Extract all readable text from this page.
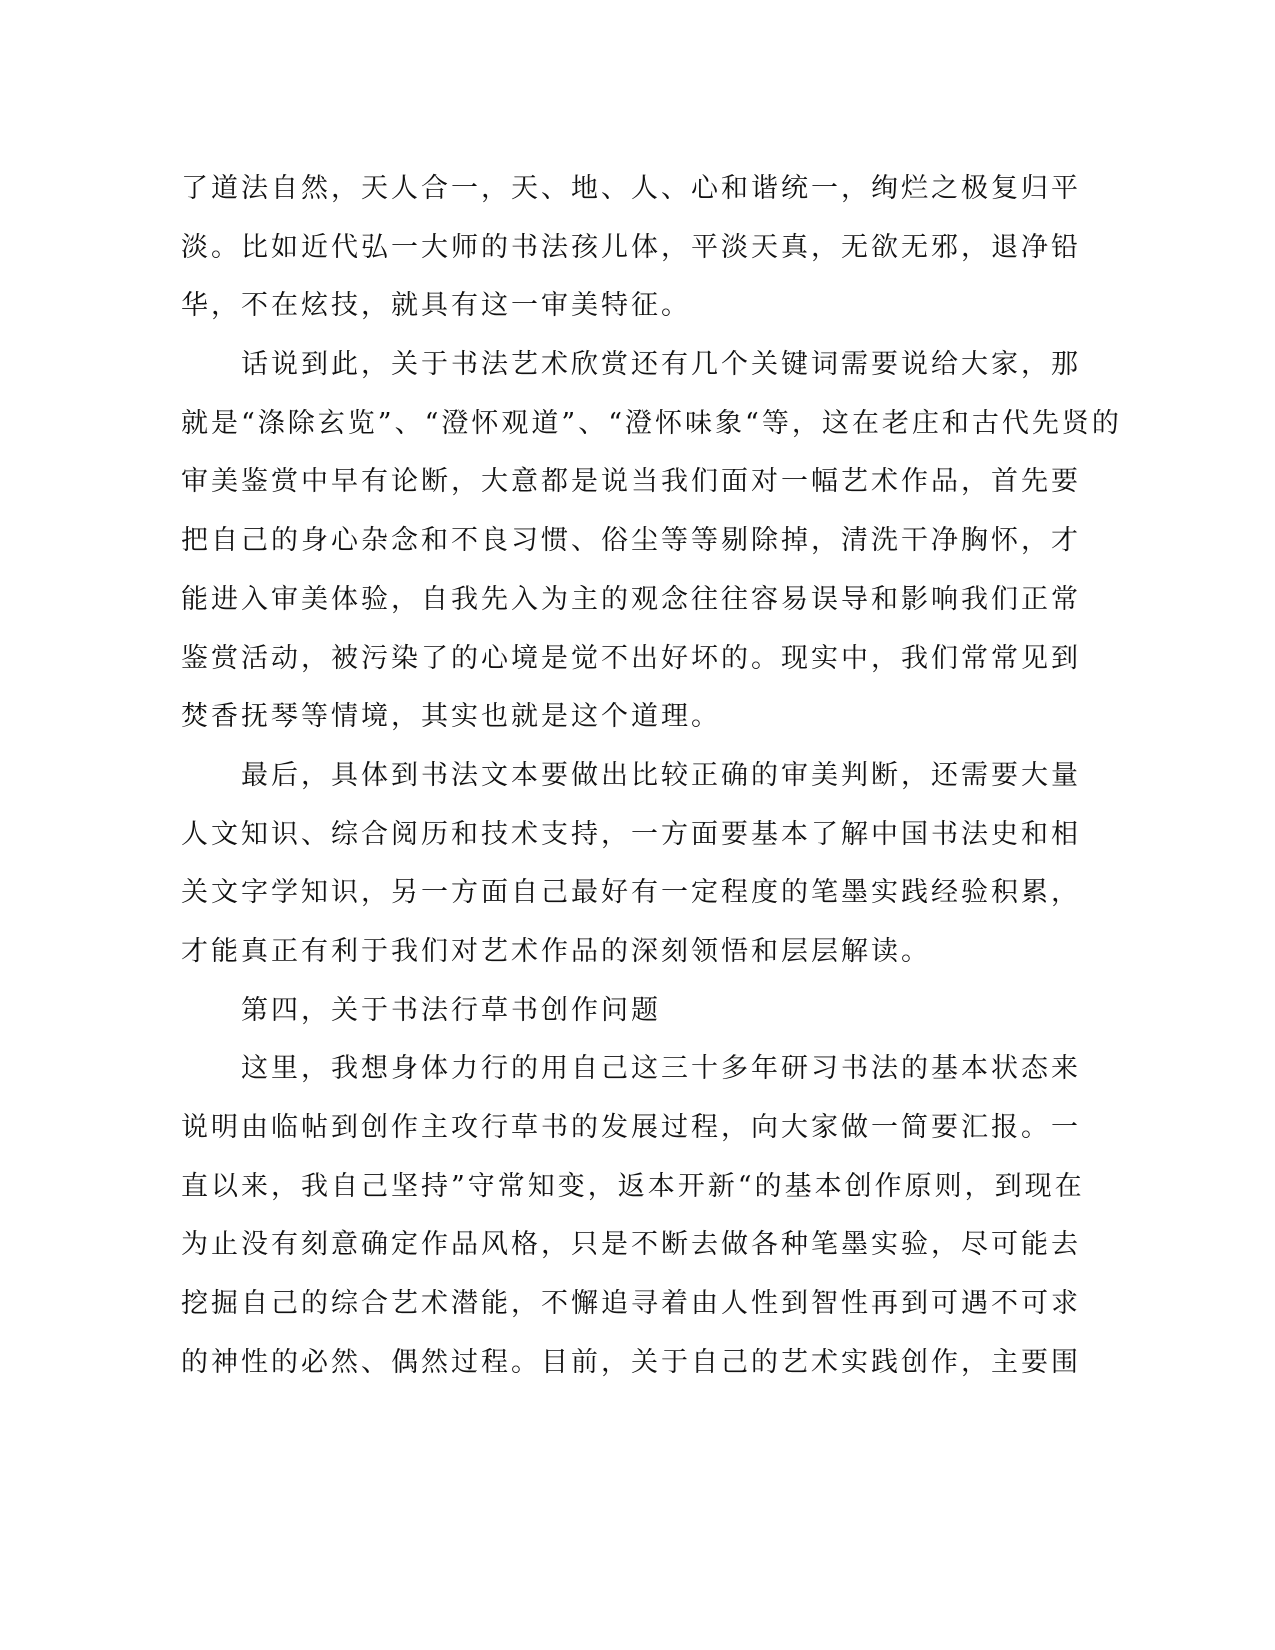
了道法自然，天人合一，天、地、人、心和谐统一，绚烂之极复归平
淡。比如近代弘一大师的书法孩儿体，平淡天真，无欲无邪，退净铅
华，不在炫技，就具有这一审美特征。
　　话说到此，关于书法艺术欣赏还有几个关键词需要说给大家，那
就是“涤除玄览”、“澄怀观道”、“澄怀味象“等，这在老庄和古代先贤的
审美鉴赏中早有论断，大意都是说当我们面对一幅艺术作品，首先要
把自己的身心杂念和不良习惯、俗尘等等剔除掉，清洗干净胸怀，才
能进入审美体验，自我先入为主的观念往往容易误导和影响我们正常
鉴赏活动，被污染了的心境是觉不出好坏的。现实中，我们常常见到
焚香抚琴等情境，其实也就是这个道理。
　　最后，具体到书法文本要做出比较正确的审美判断，还需要大量
人文知识、综合阅历和技术支持，一方面要基本了解中国书法史和相
关文字学知识，另一方面自己最好有一定程度的笔墨实践经验积累，
才能真正有利于我们对艺术作品的深刻领悟和层层解读。
　　第四，关于书法行草书创作问题
　　这里，我想身体力行的用自己这三十多年研习书法的基本状态来
说明由临帖到创作主攻行草书的发展过程，向大家做一简要汇报。一
直以来，我自己坚持”守常知变，返本开新“的基本创作原则，到现在
为止没有刻意确定作品风格，只是不断去做各种笔墨实验，尽可能去
挖掘自己的综合艺术潜能，不懈追寻着由人性到智性再到可遇不可求
的神性的必然、偶然过程。目前，关于自己的艺术实践创作，主要围
